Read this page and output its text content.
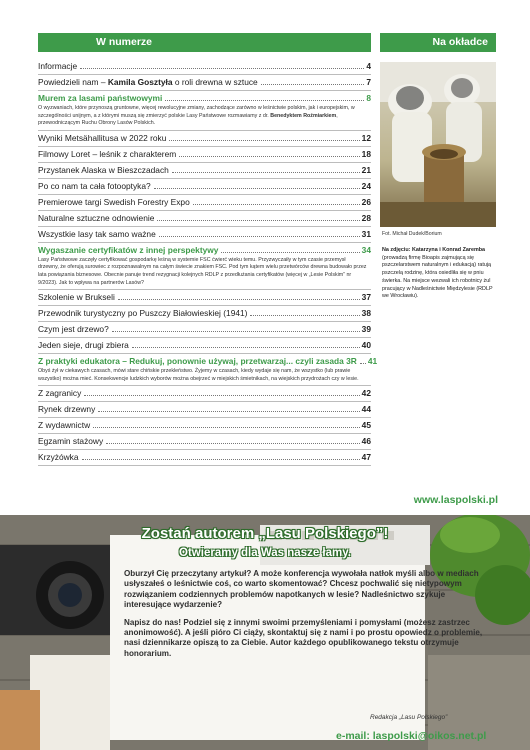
W numerze	Na okładce
Informacje	4
Powiedzieli nam – Kamila Gosztyła o roli drewna w sztuce	7
Murem za lasami państwowymi	8
O wyzwaniach, które przynoszą gruntowne, więcej rewolucyjne zmiany, zachodzące zarówno w leśnictwie polskim, jak i europejskim, w szczególności unijnym, a z którymi muszą się zmierzyć polskie Lasy Państwowe rozmawiamy z dr. Benedyktem Roźmiarkiem, przewodniczącym Ruchu Obrony Lasów Polskich.
Wyniki Metsähallitusa w 2022 roku	12
Filmowy Loret – leśnik z charakterem	18
Przystanek Alaska w Bieszczadach	21
Po co nam ta cała fotooptyka?	24
Premierowe targi Swedish Forestry Expo	26
Naturalne sztuczne odnowienie	28
Wszystkie lasy tak samo ważne	31
Wygaszanie certyfikatów z innej perspektywy	34
Lasy Państwowe zaczęły certyfikować gospodarkę leśną w systemie FSC ćwierć wieku temu. Przyzwyczaiły w tym czasie przemysł drzewny, że oferują surowiec z rozpoznawalnym na całym świecie znakiem FSC. Pod tym kątem wielu przetwórców drewna budowało przez lata powiązania biznesowe. Obecnie panuje trend rezygnacji kolejnych RDLP z przedłużania certyfikatów (więcej w „Lesie Polskim” nr 9/2023). Jak to wpływa na partnerów Lasów?
Szkolenie w Brukseli	37
Przewodnik turystyczny po Puszczy Białowieskiej (1941)	38
Czym jest drzewo?	39
Jeden sieje, drugi zbiera	40
Z praktyki edukatora – Redukuj, ponownie używaj, przetwarzaj... czyli zasada 3R 41
Obyś żył w ciekawych czasach, mówi stare chińskie przekleństwo. Żyjemy w czasach, kiedy wydaje się nam, że wszystko (lub prawie wszystko) można mieć. Konsekwencje ludzkich wyborów można obejrzeć w miejskich śmietnikach, na wiejskich przydrożach czy w lesie.
Z zagranicy	42
Rynek drzewny	44
Z wydawnictw	45
Egzamin stażowy	46
Krzyżówka	47
Fot. Michał Dudek/Borium
Na zdjęciu: Katarzyna i Konrad Zaremba (prowadzą firmę Bioapis zajmującą się pszczelarstwem naturalnym i edukacją) ratują pszczelą rodzinę, która osiedliła się w pniu świerka. Na miejsce wezwali ich robotnicy żul pracujący w Nadleśnictwie Międzylesie (RDLP we Wrocławiu).
www.laspolski.pl
Zostań autorem „Lasu Polskiego”!
Otwieramy dla Was nasze łamy.

Oburzył Cię przeczytany artykuł? A może konferencja wywołała natłok myśli albo w mediach usłyszałeś o leśnictwie coś, co warto skomentować? Chcesz pochwalić się nietypowym rozwiązaniem codziennych problemów napotkanych w lesie? Nadleśnictwo szykuje interesujące wydarzenie?

Napisz do nas! Podziel się z innymi swoimi przemyśleniami i pomysłami (możesz zastrzec anonimowość). A jeśli pióro Ci ciąży, skontaktuj się z nami i po prostu opowiedz o problemie, nasi dziennikarze opiszą to za Ciebie. Autor każdego opublikowanego tekstu otrzymuje honorarium.

Redakcja „Lasu Polskiego”
e-mail: laspolski@oikos.net.pl
